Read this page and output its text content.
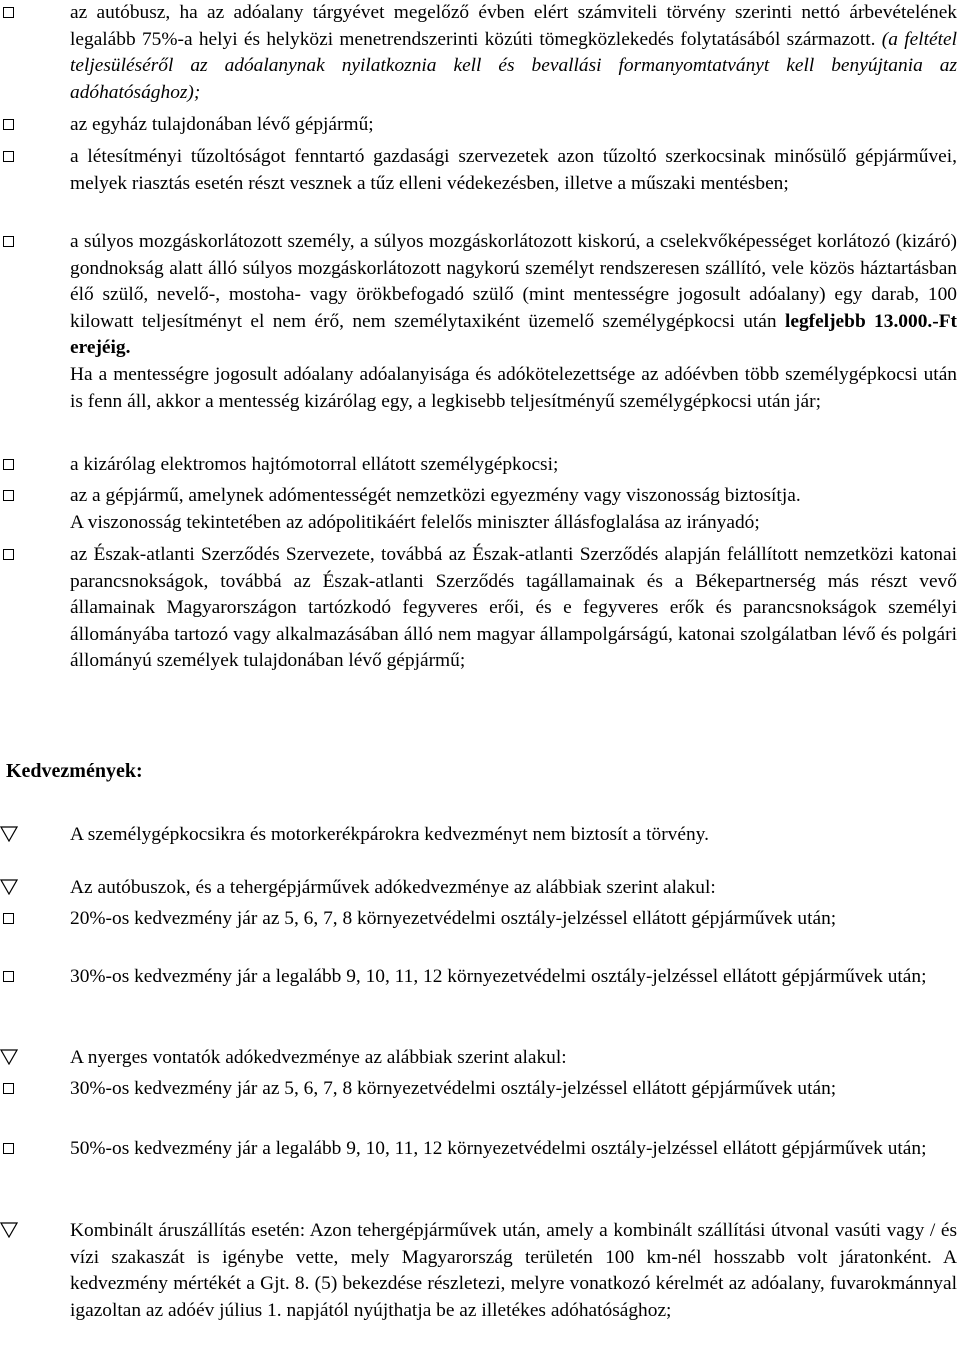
az autóbusz, ha az adóalany tárgyévet megelőző évben elért számviteli törvény szerinti nettó árbevételének legalább 75%-a helyi és helyközi menetrendszerinti közúti tömegközlekedés folytatásából származott. (a feltétel teljesüléséről az adóalanynak nyilatkoznia kell és bevallási formanyomtatványt kell benyújtania az adóhatósághoz);
az egyház tulajdonában lévő gépjármű;
a létesítményi tűzoltóságot fenntartó gazdasági szervezetek azon tűzoltó szerkocsinak minősülő gépjárművei, melyek riasztás esetén részt vesznek a tűz elleni védekezésben, illetve a műszaki mentésben;
a súlyos mozgáskorlátozott személy, a súlyos mozgáskorlátozott kiskorú, a cselekvőképességet korlátozó (kizáró) gondnokság alatt álló súlyos mozgáskorlátozott nagykorú személyt rendszeresen szállító, vele közös háztartásban élő szülő, nevelő-, mostoha- vagy örökbefogadó szülő (mint mentességre jogosult adóalany) egy darab, 100 kilowatt teljesítményt el nem érő, nem személytaxiként üzemelő személygépkocsi után legfeljebb 13.000.-Ft erejéig.

Ha a mentességre jogosult adóalany adóalanyisága és adókötelezettsége az adóévben több személygépkocsi után is fenn áll, akkor a mentesség kizárólag egy, a legkisebb teljesítményű személygépkocsi után jár;

a kizárólag elektromos hajtómotorral ellátott személygépkocsi;
az a gépjármű, amelynek adómentességét nemzetközi egyezmény vagy viszonosság biztosítja.

A viszonosság tekintetében az adópolitikáért felelős miniszter állásfoglalása az irányadó;

az Észak-atlanti Szerződés Szervezete, továbbá az Észak-atlanti Szerződés alapján felállított nemzetközi katonai parancsnokságok, továbbá az Észak-atlanti Szerződés tagállamainak és a Békepartnerség más részt vevő államainak Magyarországon tartózkodó fegyveres erői, és e fegyveres erők és parancsnokságok személyi állományába tartozó vagy alkalmazásában álló nem magyar állampolgárságú, katonai szolgálatban lévő és polgári állományú személyek tulajdonában lévő gépjármű;
Kedvezmények:
A személygépkocsikra és motorkerékpárokra kedvezményt nem biztosít a törvény.
Az autóbuszok, és a tehergépjárművek adókedvezménye az alábbiak szerint alakul:
20%-os kedvezmény jár az 5, 6, 7, 8 környezetvédelmi osztály-jelzéssel ellátott gépjárművek után;
30%-os kedvezmény jár a legalább 9, 10, 11, 12 környezetvédelmi osztály-jelzéssel ellátott gépjárművek után;
A nyerges vontatók adókedvezménye az alábbiak szerint alakul:
30%-os kedvezmény jár az 5, 6, 7, 8 környezetvédelmi osztály-jelzéssel ellátott gépjárművek után;
50%-os kedvezmény jár a legalább 9, 10, 11, 12 környezetvédelmi osztály-jelzéssel ellátott gépjárművek után;
Kombinált áruszállítás esetén: Azon tehergépjárművek után, amely a kombinált szállítási útvonal vasúti vagy / és vízi szakaszát is igénybe vette, mely Magyarország területén 100 km-nél hosszabb volt járatonként. A kedvezmény mértékét a Gjt. 8. (5) bekezdése részletezi, melyre vonatkozó kérelmét az adóalany, fuvarokmánnyal igazoltan az adóév július 1. napjától nyújthatja be az illetékes adóhatósághoz;
